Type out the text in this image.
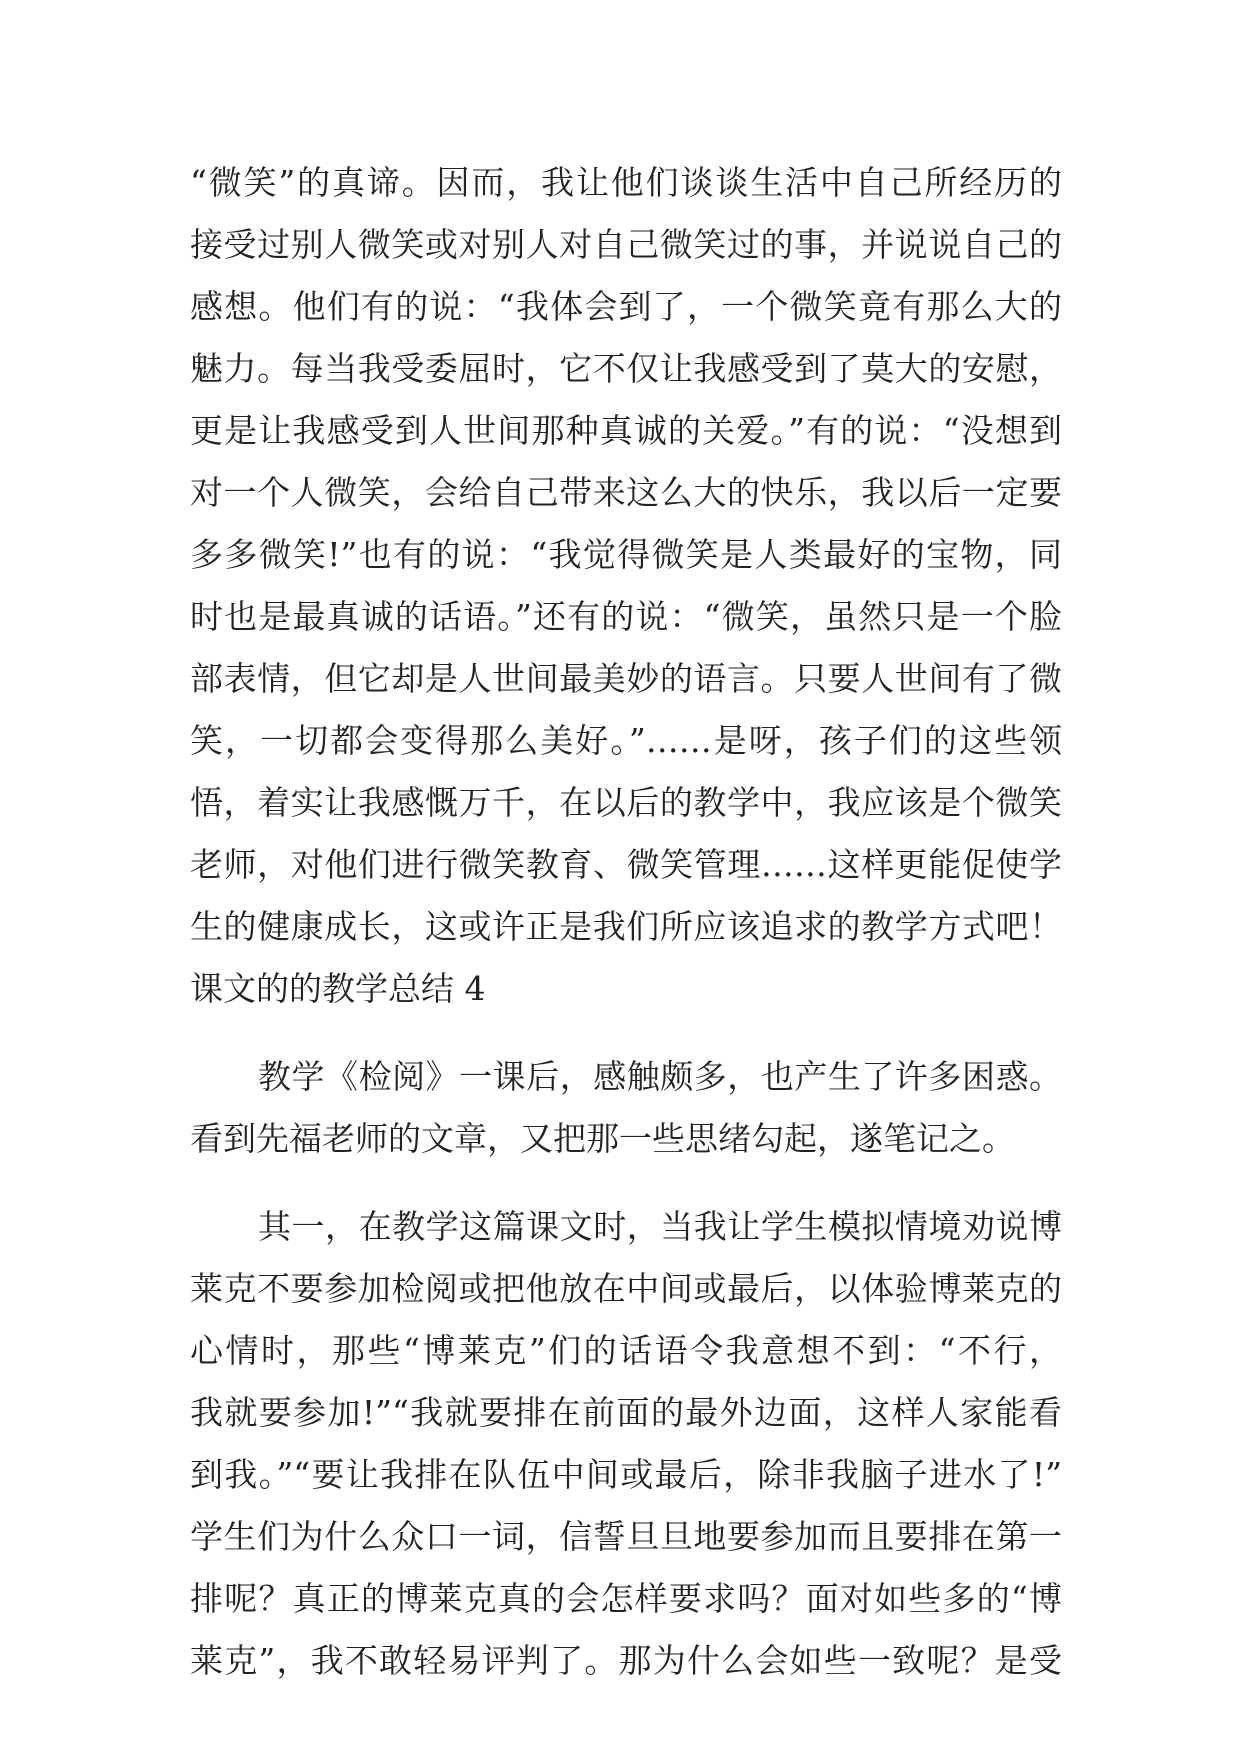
“微笑”的真谛。因而，我让他们谈谈生活中自己所经历的
接受过别人微笑或对别人对自己微笑过的事，并说说自己的
感想。他们有的说：“我体会到了，一个微笑竟有那么大的
魅力。每当我受委屈时，它不仅让我感受到了莫大的安慰，
更是让我感受到人世间那种真诚的关爱。”有的说：“没想到
对一个人微笑，会给自己带来这么大的快乐，我以后一定要
多多微笑!”也有的说：“我觉得微笑是人类最好的宝物，同
时也是最真诚的话语。”还有的说：“微笑，虽然只是一个脸
部表情，但它却是人世间最美妙的语言。只要人世间有了微
笑，一切都会变得那么美好。”……是呀，孩子们的这些领
悟，着实让我感慨万千，在以后的教学中，我应该是个微笑
老师，对他们进行微笑教育、微笑管理……这样更能促使学
生的健康成长，这或许正是我们所应该追求的教学方式吧！
课文的的教学总结 4
教学《检阅》一课后，感触颇多，也产生了许多困惑。
看到先福老师的文章，又把那一些思绪勾起，遂笔记之。
其一，在教学这篇课文时，当我让学生模拟情境劝说博
莱克不要参加检阅或把他放在中间或最后，以体验博莱克的
心情时，那些“博莱克”们的话语令我意想不到：“不行，
我就要参加!”“我就要排在前面的最外边面，这样人家能看
到我。”“要让我排在队伍中间或最后，除非我脑子进水了!”
学生们为什么众口一词，信誓旦旦地要参加而且要排在第一
排呢？真正的博莱克真的会怎样要求吗？面对如些多的“博
莱克”，我不敢轻易评判了。那为什么会如些一致呢？是受
